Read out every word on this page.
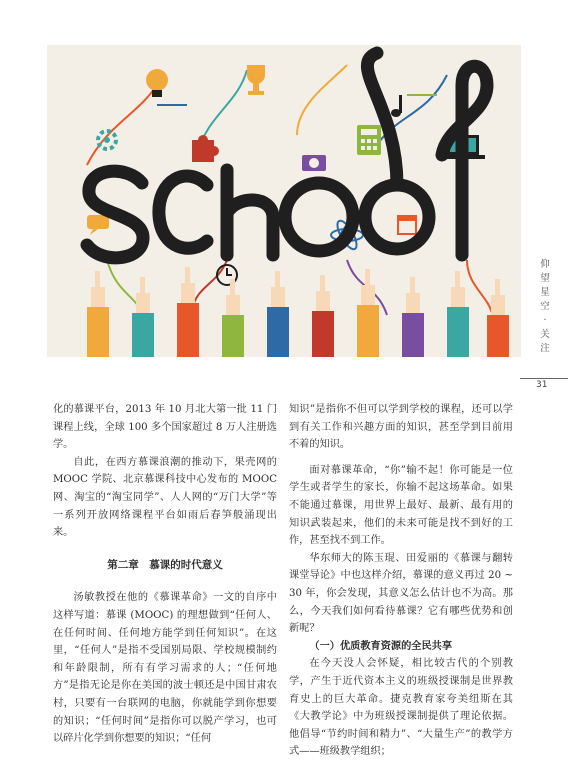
仰
望
星
空
·
关
注
31

化的慕课平台，2013 年 10 月北大第一批 11 门课程上线，全球 100 多个国家超过 8 万人注册选学。

自此，在西方慕课浪潮的推动下，果壳网的 MOOC 学院、北京慕课科技中心发布的 MOOC 网、淘宝的“淘宝同学”、人人网的“万门大学”等一系列开放网络课程平台如雨后春笋般涌现出来。

第二章　慕课的时代意义

汤敏教授在他的《慕课革命》一文的自序中这样写道：慕课 (MOOC) 的理想做到“任何人、在任何时间、任何地方能学到任何知识”。在这里，“任何人”是指不受国别局限、学校规模制约和年龄限制，所有有学习需求的人；“任何地方”是指无论是你在美国的波士顿还是中国甘肃农村，只要有一台联网的电脑，你就能学到你想要的知识；“任何时间”是指你可以脱产学习，也可以碎片化学到你想要的知识；“任何

知识”是指你不但可以学到学校的课程，还可以学到有关工作和兴趣方面的知识，甚至学到目前用不着的知识。

面对慕课革命，“你”输不起！你可能是一位学生或者学生的家长，你输不起这场革命。如果不能通过慕课，用世界上最好、最新、最有用的知识武装起来，他们的未来可能是找不到好的工作，甚至找不到工作。

华东师大的陈玉琨、田爱丽的《慕课与翻转课堂导论》中也这样介绍，慕课的意义再过 20 ~ 30 年，你会发现，其意义怎么估计也不为高。那么，今天我们如何看待慕课？它有哪些优势和创新呢？

（一）优质教育资源的全民共享

在今天没人会怀疑，相比较古代的个别教学，产生于近代资本主义的班级授课制是世界教育史上的巨大革命。捷克教育家夸美纽斯在其《大教学论》中为班级授课制提供了理论依据。他倡导“节约时间和精力”、“大量生产”的教学方式——班级教学组织；
